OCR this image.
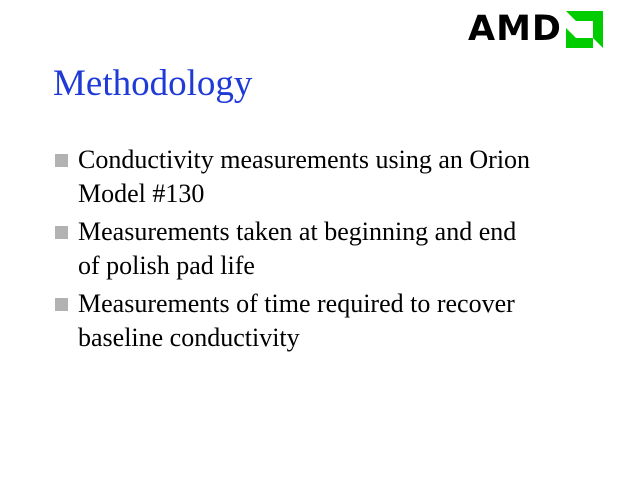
AMD
Methodology
Conductivity measurements using an Orion
Model #130
Measurements taken at beginning and end
of polish pad life
Measurements of time required to recover
baseline conductivity
